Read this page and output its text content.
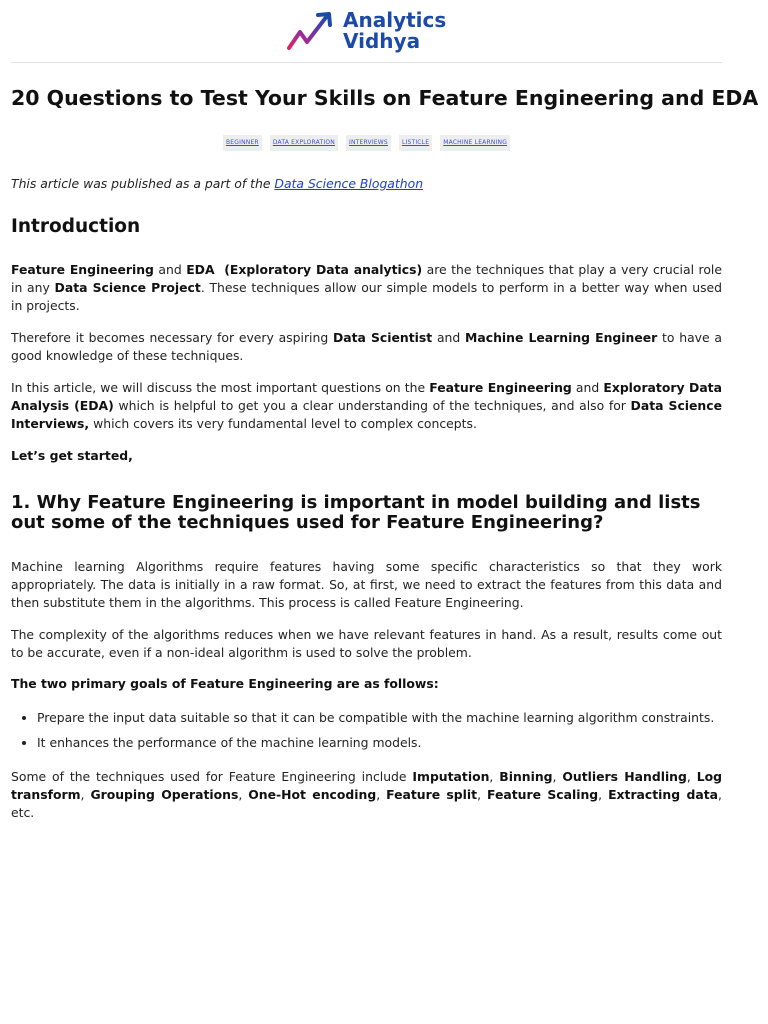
Analytics
Vidhya
20 Questions to Test Your Skills on Feature Engineering and EDA
BEGINNER DATA EXPLORATION INTERVIEWS LISTICLE MACHINE LEARNING

This article was published as a part of the Data Science Blogathon

Introduction

Feature Engineering and EDA  (Exploratory Data analytics) are the techniques that play a very crucial role in any Data Science Project. These techniques allow our simple models to perform in a better way when used in projects.

Therefore it becomes necessary for every aspiring Data Scientist and Machine Learning Engineer to have a good knowledge of these techniques.

In this article, we will discuss the most important questions on the Feature Engineering and Exploratory Data Analysis (EDA) which is helpful to get you a clear understanding of the techniques, and also for Data Science Interviews, which covers its very fundamental level to complex concepts.

Let’s get started,

1. Why Feature Engineering is important in model building and lists out some of the techniques used for Feature Engineering?

Machine learning Algorithms require features having some specific characteristics so that they work appropriately. The data is initially in a raw format. So, at first, we need to extract the features from this data and then substitute them in the algorithms. This process is called Feature Engineering.

The complexity of the algorithms reduces when we have relevant features in hand. As a result, results come out to be accurate, even if a non-ideal algorithm is used to solve the problem.

The two primary goals of Feature Engineering are as follows:

• Prepare the input data suitable so that it can be compatible with the machine learning algorithm constraints.
• It enhances the performance of the machine learning models.

Some of the techniques used for Feature Engineering include Imputation, Binning, Outliers Handling, Log transform, Grouping Operations, One-Hot encoding, Feature split, Feature Scaling, Extracting data, etc.
